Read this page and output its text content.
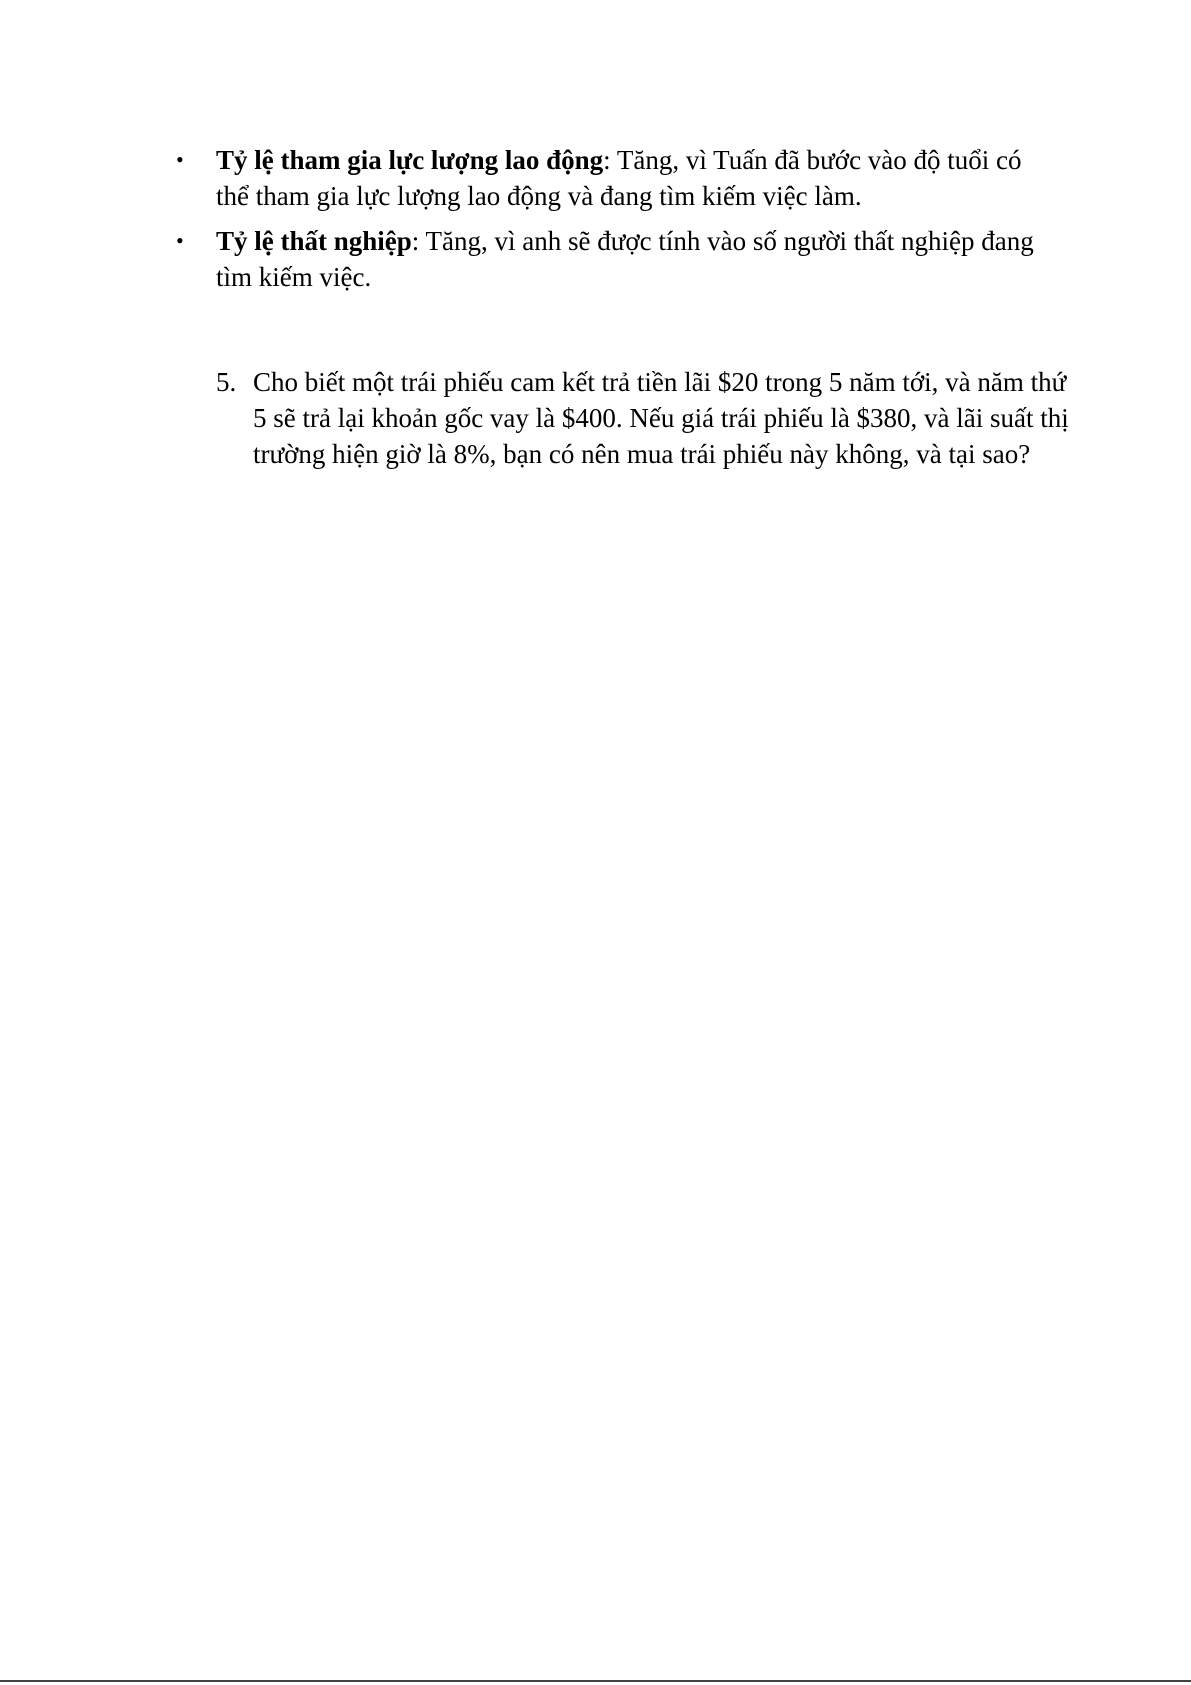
•	Tỷ lệ tham gia lực lượng lao động: Tăng, vì Tuấn đã bước vào độ tuổi có thể tham gia lực lượng lao động và đang tìm kiếm việc làm.
•	Tỷ lệ thất nghiệp: Tăng, vì anh sẽ được tính vào số người thất nghiệp đang tìm kiếm việc.
5. Cho biết một trái phiếu cam kết trả tiền lãi $20 trong 5 năm tới, và năm thứ 5 sẽ trả lại khoản gốc vay là $400. Nếu giá trái phiếu là $380, và lãi suất thị trường hiện giờ là 8%, bạn có nên mua trái phiếu này không, và tại sao?
